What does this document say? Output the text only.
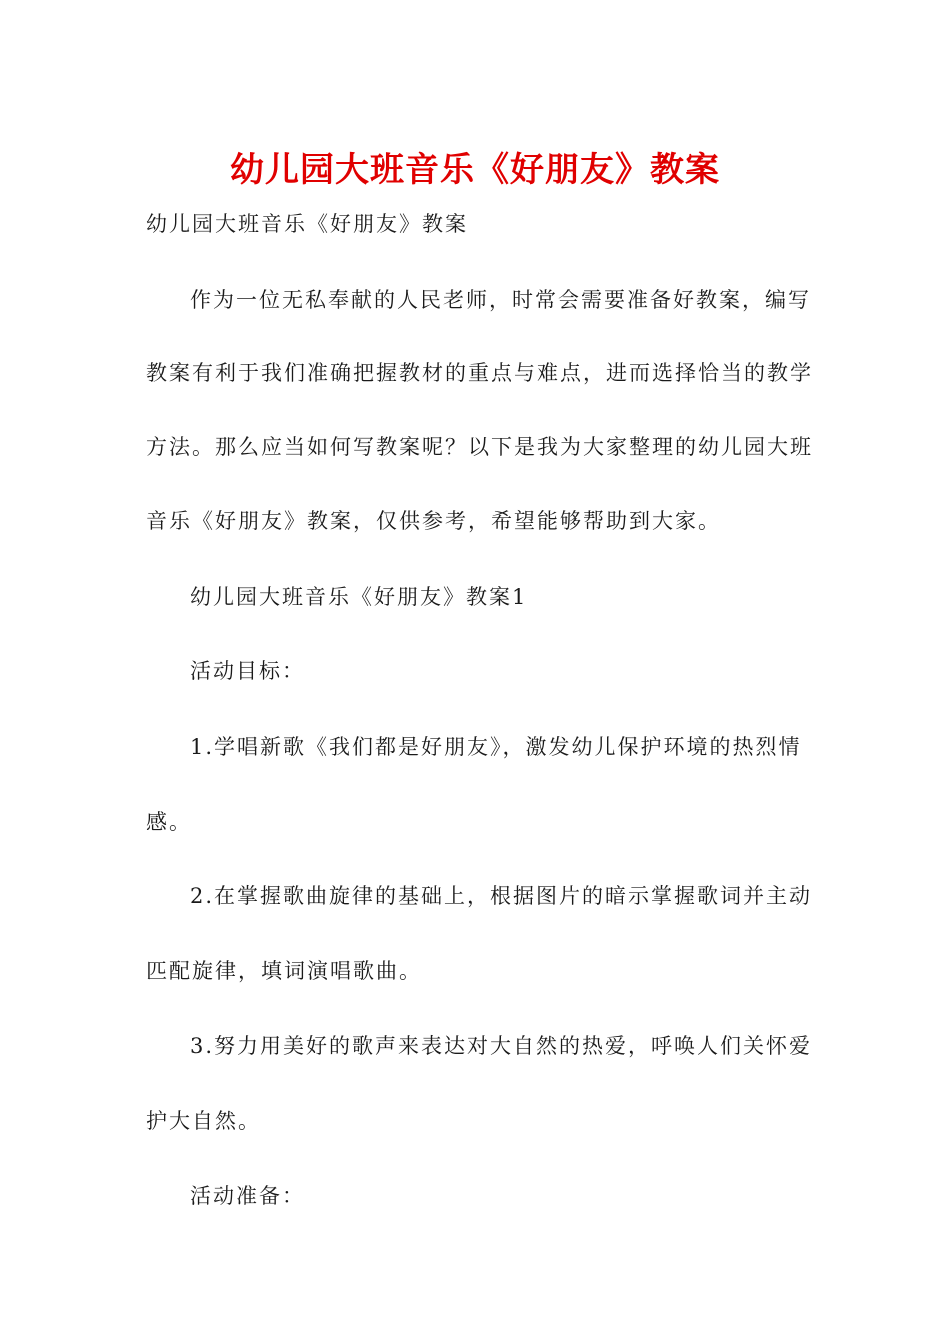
幼儿园大班音乐《好朋友》教案
幼儿园大班音乐《好朋友》教案
作为一位无私奉献的人民老师，时常会需要准备好教案，编写
教案有利于我们准确把握教材的重点与难点，进而选择恰当的教学
方法。那么应当如何写教案呢？以下是我为大家整理的幼儿园大班
音乐《好朋友》教案，仅供参考，希望能够帮助到大家。
幼儿园大班音乐《好朋友》教案1
活动目标：
1.学唱新歌《我们都是好朋友》，激发幼儿保护环境的热烈情
感。
2.在掌握歌曲旋律的基础上，根据图片的暗示掌握歌词并主动
匹配旋律，填词演唱歌曲。
3.努力用美好的歌声来表达对大自然的热爱，呼唤人们关怀爱
护大自然。
活动准备：
